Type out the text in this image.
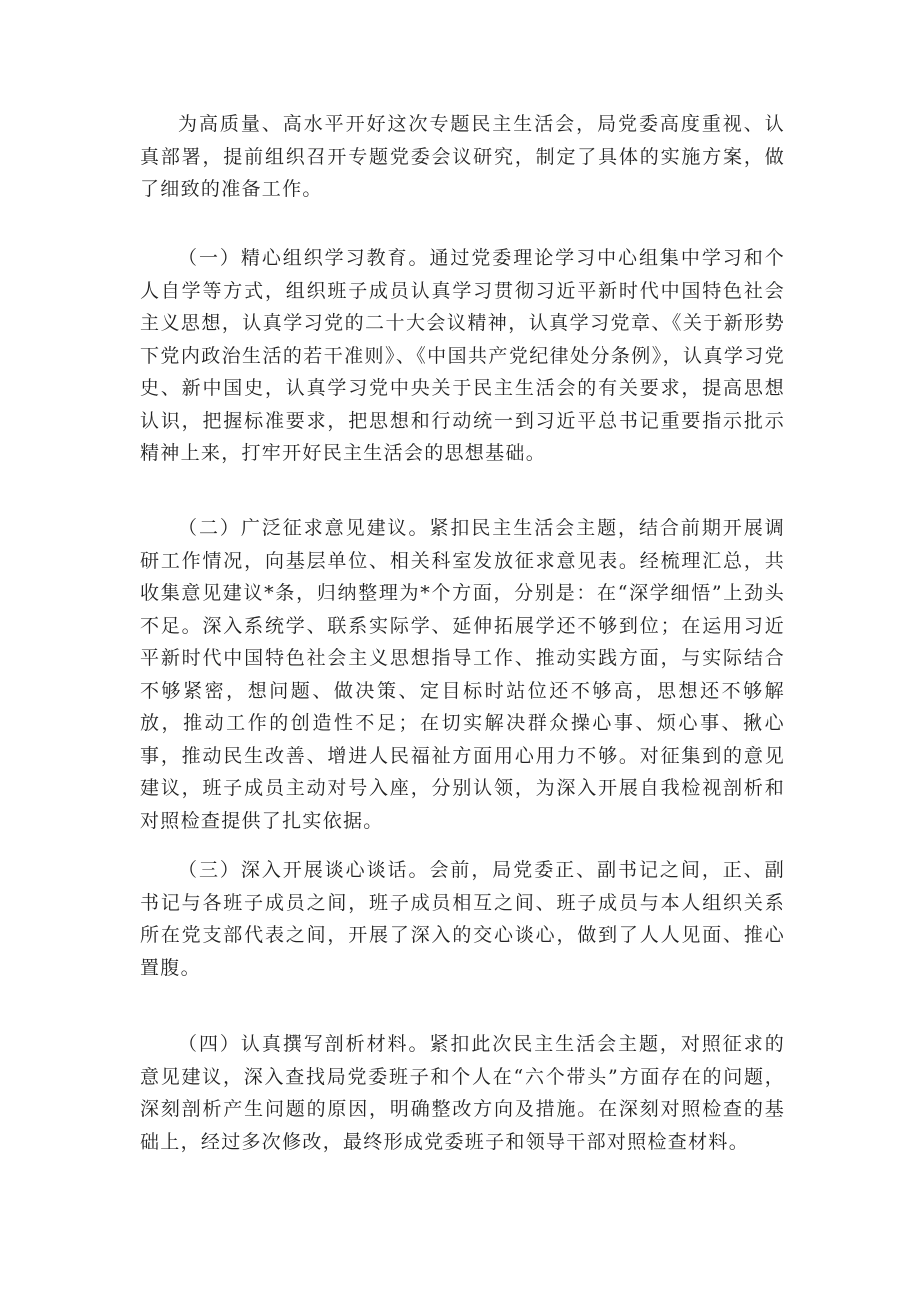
为高质量、高水平开好这次专题民主生活会，局党委高度重视、认真部署，提前组织召开专题党委会议研究，制定了具体的实施方案，做了细致的准备工作。

（一）精心组织学习教育。通过党委理论学习中心组集中学习和个人自学等方式，组织班子成员认真学习贯彻习近平新时代中国特色社会主义思想，认真学习党的二十大会议精神，认真学习党章、《关于新形势下党内政治生活的若干准则》、《中国共产党纪律处分条例》，认真学习党史、新中国史，认真学习党中央关于民主生活会的有关要求，提高思想认识，把握标准要求，把思想和行动统一到习近平总书记重要指示批示精神上来，打牢开好民主生活会的思想基础。

（二）广泛征求意见建议。紧扣民主生活会主题，结合前期开展调研工作情况，向基层单位、相关科室发放征求意见表。经梳理汇总，共收集意见建议*条，归纳整理为*个方面，分别是：在“深学细悟”上劲头不足。深入系统学、联系实际学、延伸拓展学还不够到位；在运用习近平新时代中国特色社会主义思想指导工作、推动实践方面，与实际结合不够紧密，想问题、做决策、定目标时站位还不够高，思想还不够解放，推动工作的创造性不足；在切实解决群众操心事、烦心事、揪心事，推动民生改善、增进人民福祉方面用心用力不够。对征集到的意见建议，班子成员主动对号入座，分别认领，为深入开展自我检视剖析和对照检查提供了扎实依据。

（三）深入开展谈心谈话。会前，局党委正、副书记之间，正、副书记与各班子成员之间，班子成员相互之间、班子成员与本人组织关系所在党支部代表之间，开展了深入的交心谈心，做到了人人见面、推心置腹。

（四）认真撰写剖析材料。紧扣此次民主生活会主题，对照征求的意见建议，深入查找局党委班子和个人在“六个带头”方面存在的问题，深刻剖析产生问题的原因，明确整改方向及措施。在深刻对照检查的基础上，经过多次修改，最终形成党委班子和领导干部对照检查材料。
